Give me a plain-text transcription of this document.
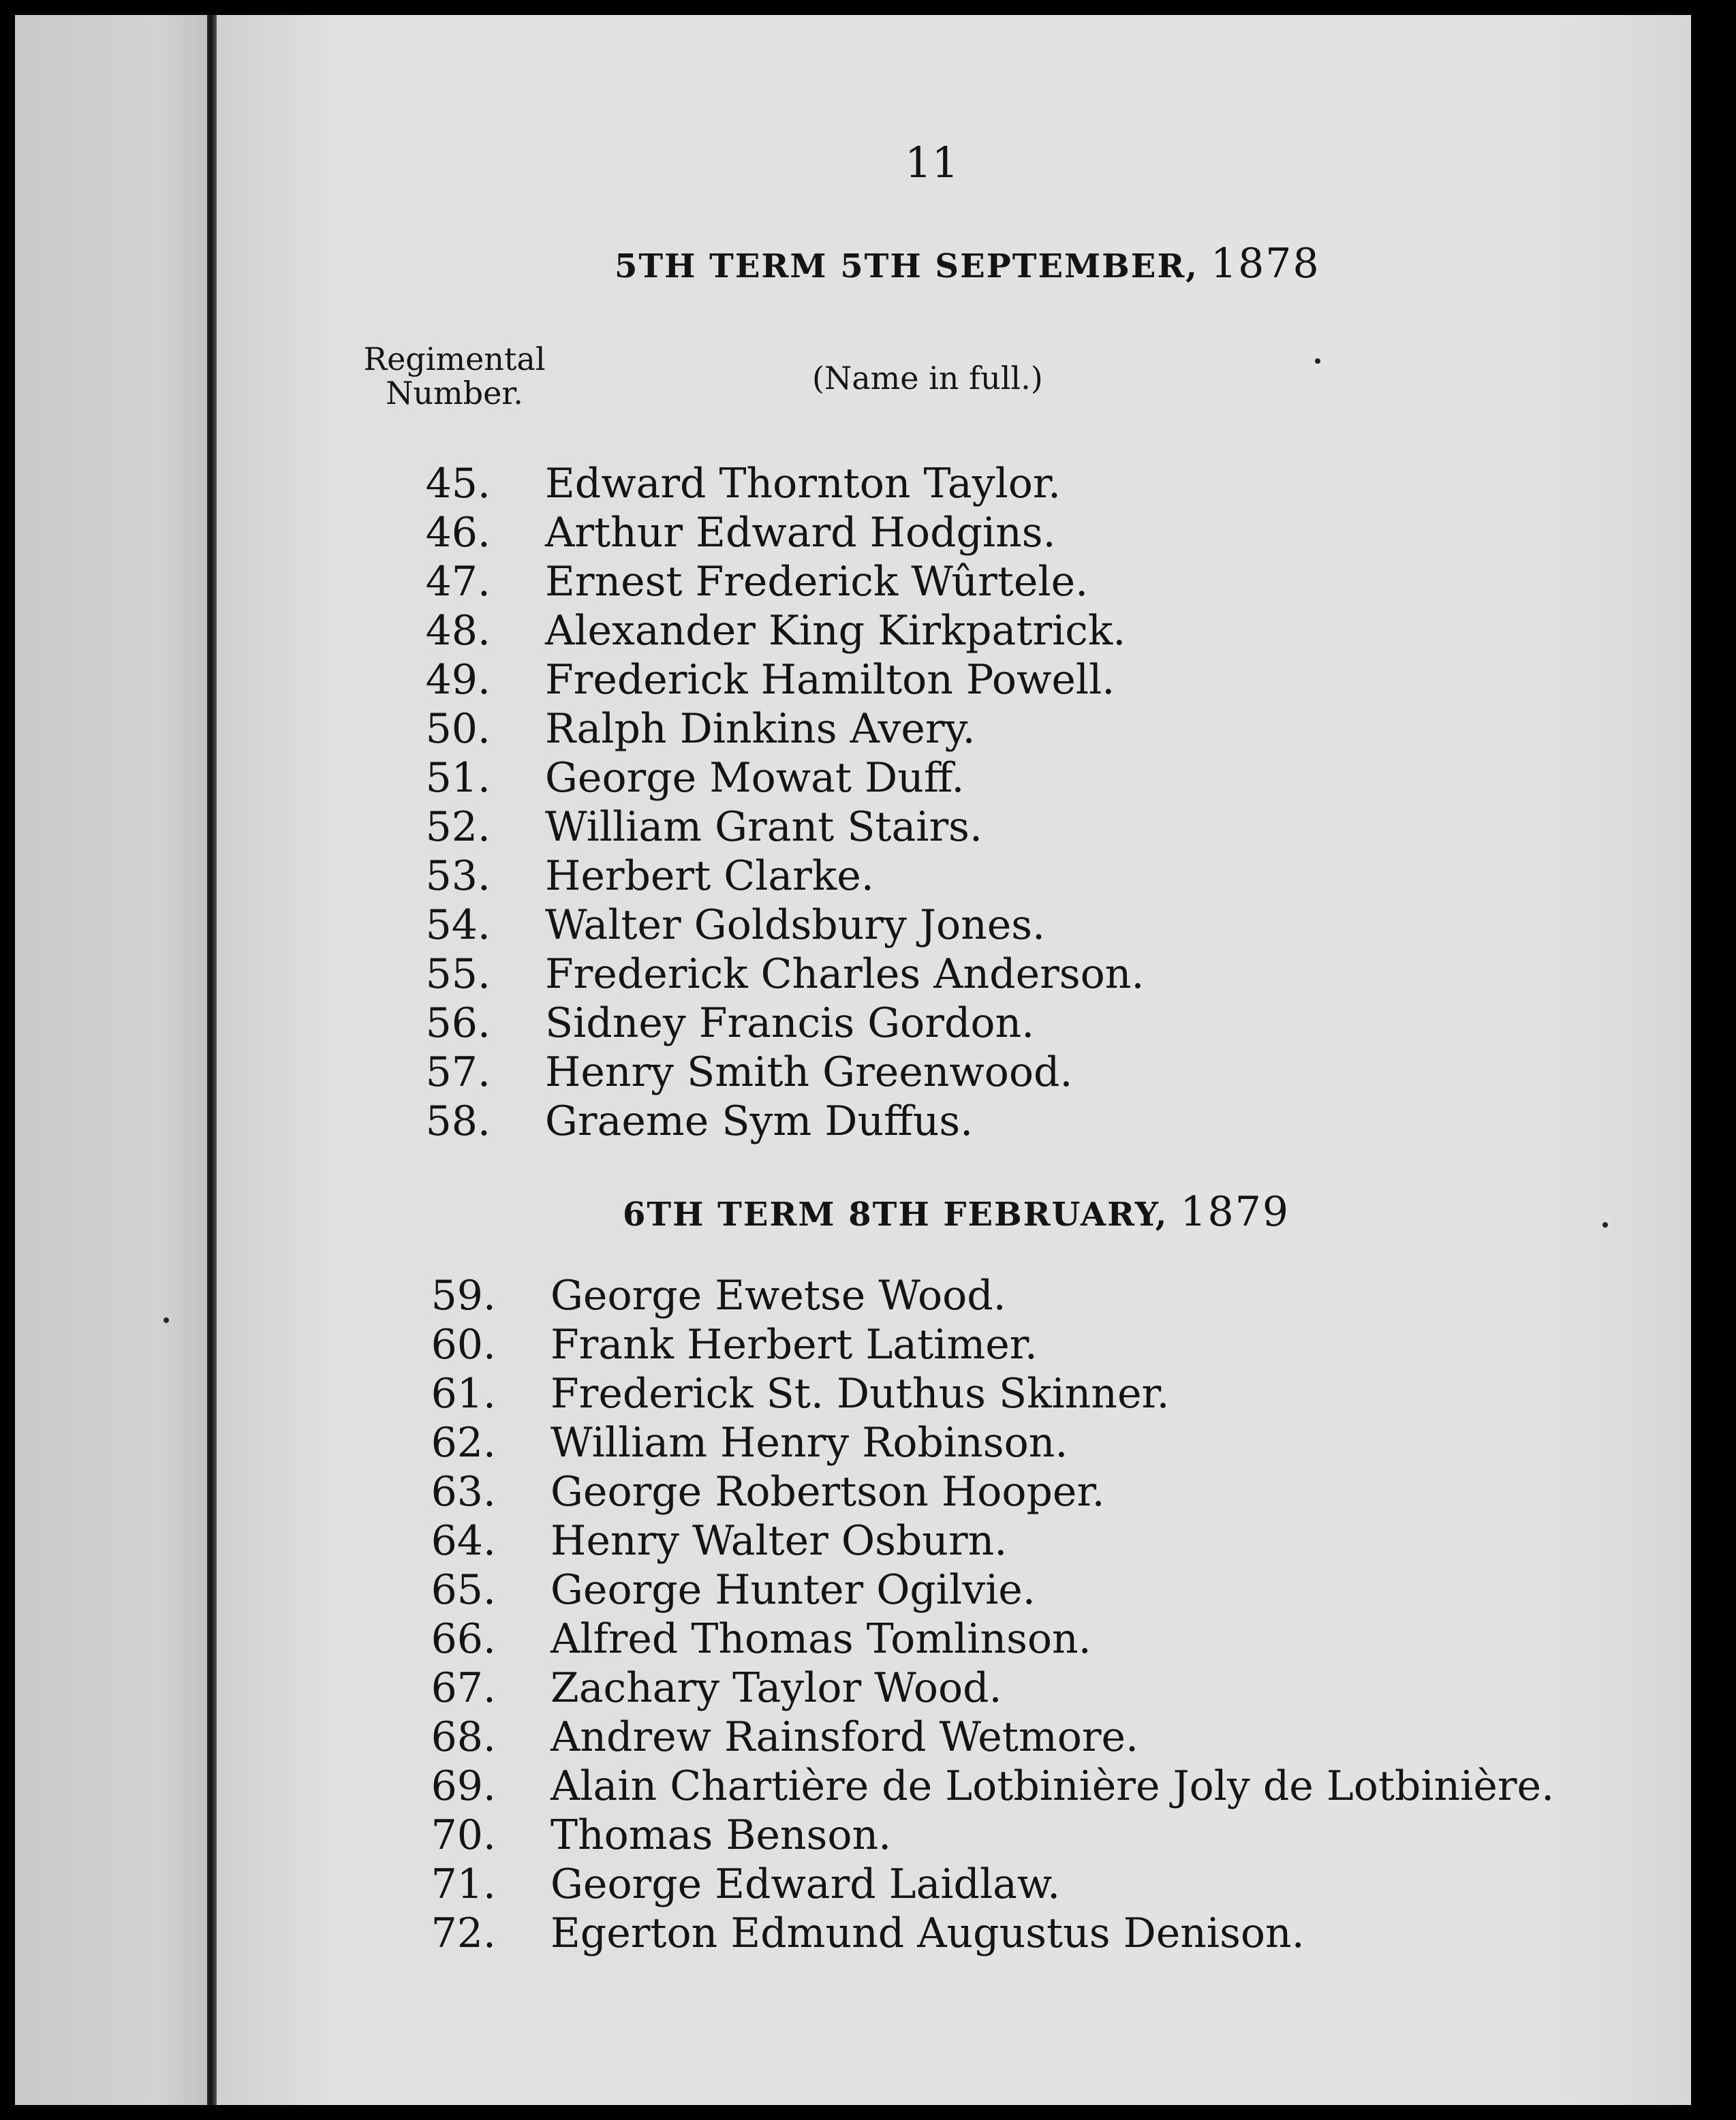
11
5TH TERM 5TH SEPTEMBER, 1878
Regimental Number.	(Name in full.)
45. Edward Thornton Taylor.
46. Arthur Edward Hodgins.
47. Ernest Frederick Wûrtele.
48. Alexander King Kirkpatrick.
49. Frederick Hamilton Powell.
50. Ralph Dinkins Avery.
51. George Mowat Duff.
52. William Grant Stairs.
53. Herbert Clarke.
54. Walter Goldsbury Jones.
55. Frederick Charles Anderson.
56. Sidney Francis Gordon.
57. Henry Smith Greenwood.
58. Graeme Sym Duffus.
6TH TERM 8TH FEBRUARY, 1879
59. George Ewetse Wood.
60. Frank Herbert Latimer.
61. Frederick St. Duthus Skinner.
62. William Henry Robinson.
63. George Robertson Hooper.
64. Henry Walter Osburn.
65. George Hunter Ogilvie.
66. Alfred Thomas Tomlinson.
67. Zachary Taylor Wood.
68. Andrew Rainsford Wetmore.
69. Alain Chartière de Lotbinière Joly de Lotbinière.
70. Thomas Benson.
71. George Edward Laidlaw.
72. Egerton Edmund Augustus Denison.
